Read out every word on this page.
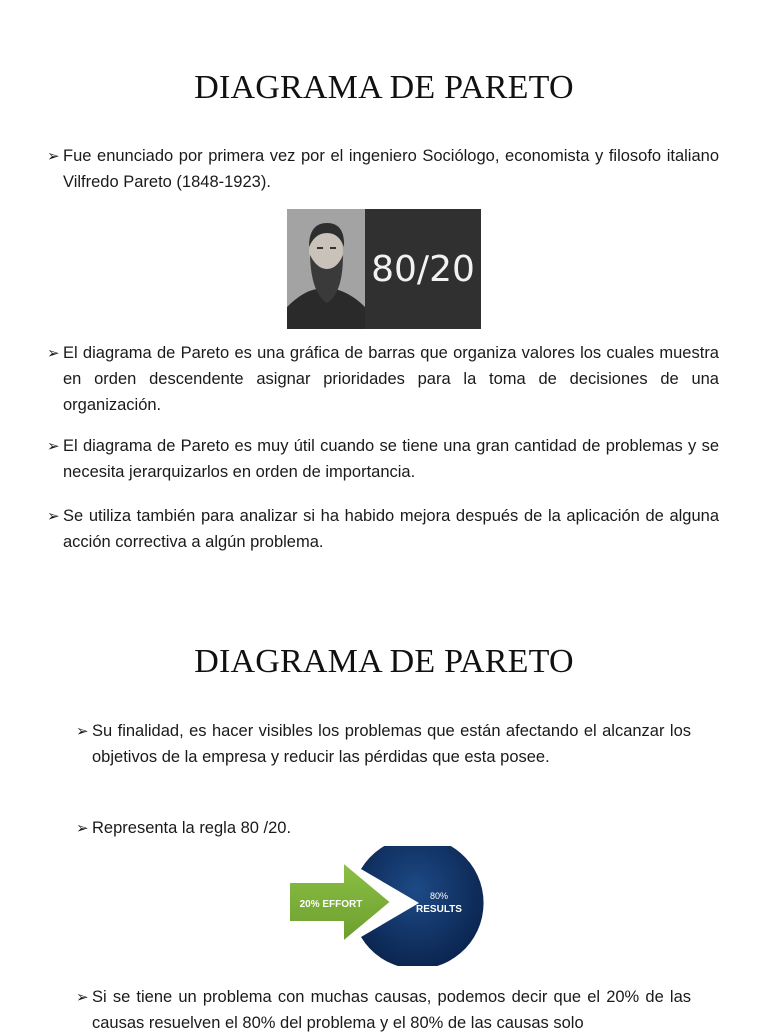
DIAGRAMA DE PARETO

➢ Fue enunciado por primera vez por el ingeniero Sociólogo, economista y filosofo italiano Vilfredo Pareto (1848-1923).

80/20

➢ El diagrama de Pareto es una gráfica de barras que organiza valores los cuales muestra en orden descendente asignar prioridades para la toma de decisiones de una organización.

➢ El diagrama de Pareto es muy útil cuando se tiene una gran cantidad de problemas y se necesita jerarquizarlos en orden de importancia.

➢ Se utiliza también para analizar si ha habido mejora después de la aplicación de alguna acción correctiva a algún problema.

DIAGRAMA DE PARETO

➢ Su finalidad, es hacer visibles los problemas que están afectando el alcanzar los objetivos de la empresa y reducir las pérdidas que esta posee.

➢ Representa la regla 80 /20.

20% EFFORT
80%
RESULTS

➢ Si se tiene un problema con muchas causas, podemos decir que el 20% de las causas resuelven el 80% del problema y el 80% de las causas solo
